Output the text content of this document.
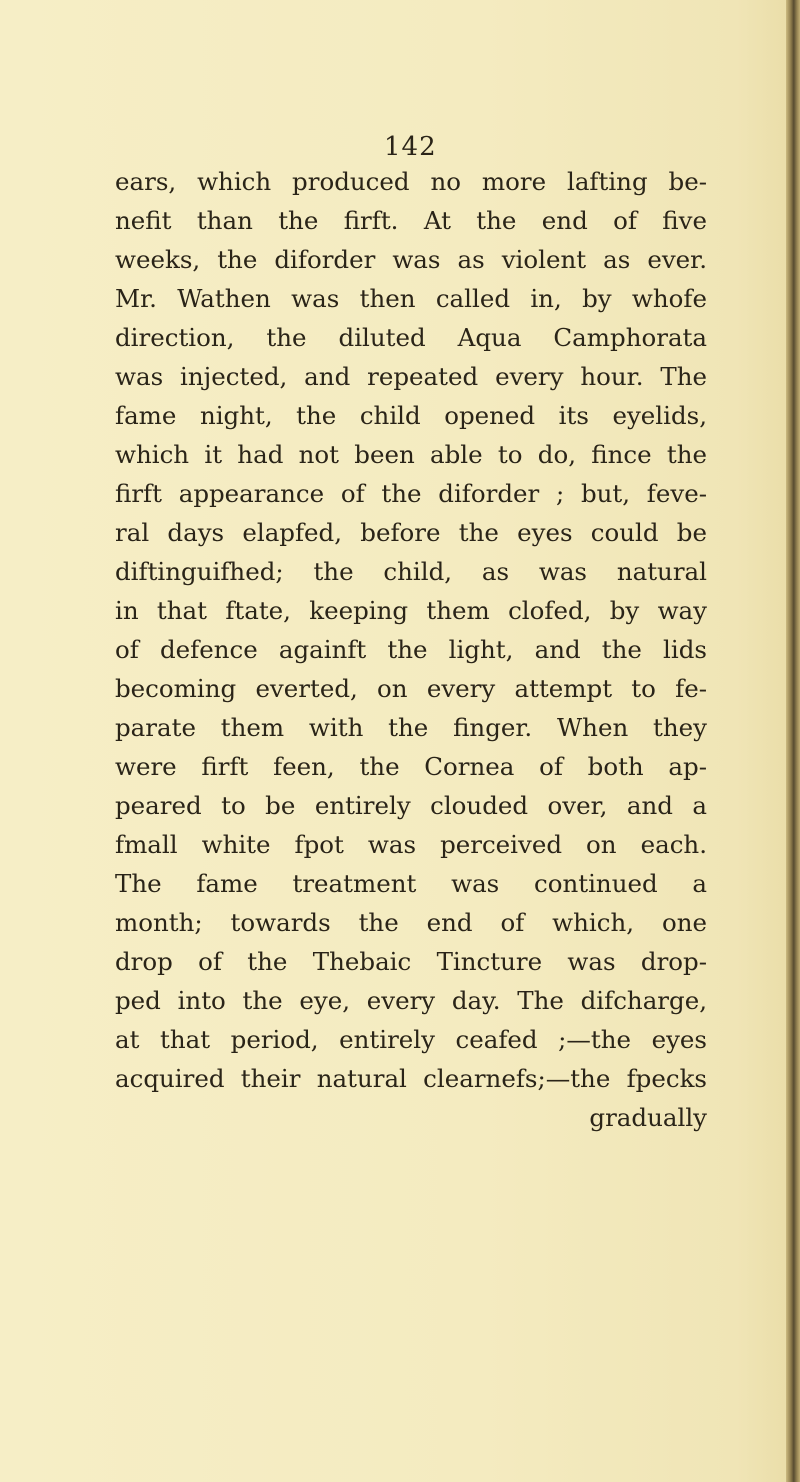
142
ears, which produced no more lafting be-
nefit than the firft. At the end of five
weeks, the diforder was as violent as ever.
Mr. Wathen was then called in, by whofe
direction, the diluted Aqua Camphorata
was injected, and repeated every hour. The
fame night, the child opened its eyelids,
which it had not been able to do, fince the
firft appearance of the diforder ; but, feve-
ral days elapfed, before the eyes could be
diftinguifhed; the child, as was natural
in that ftate, keeping them clofed, by way
of defence againft the light, and the lids
becoming everted, on every attempt to fe-
parate them with the finger. When they
were firft feen, the Cornea of both ap-
peared to be entirely clouded over, and a
fmall white fpot was perceived on each.
The fame treatment was continued a
month; towards the end of which, one
drop of the Thebaic Tincture was drop-
ped into the eye, every day. The difcharge,
at that period, entirely ceafed ;—the eyes
acquired their natural clearnefs;—the fpecks
gradually
